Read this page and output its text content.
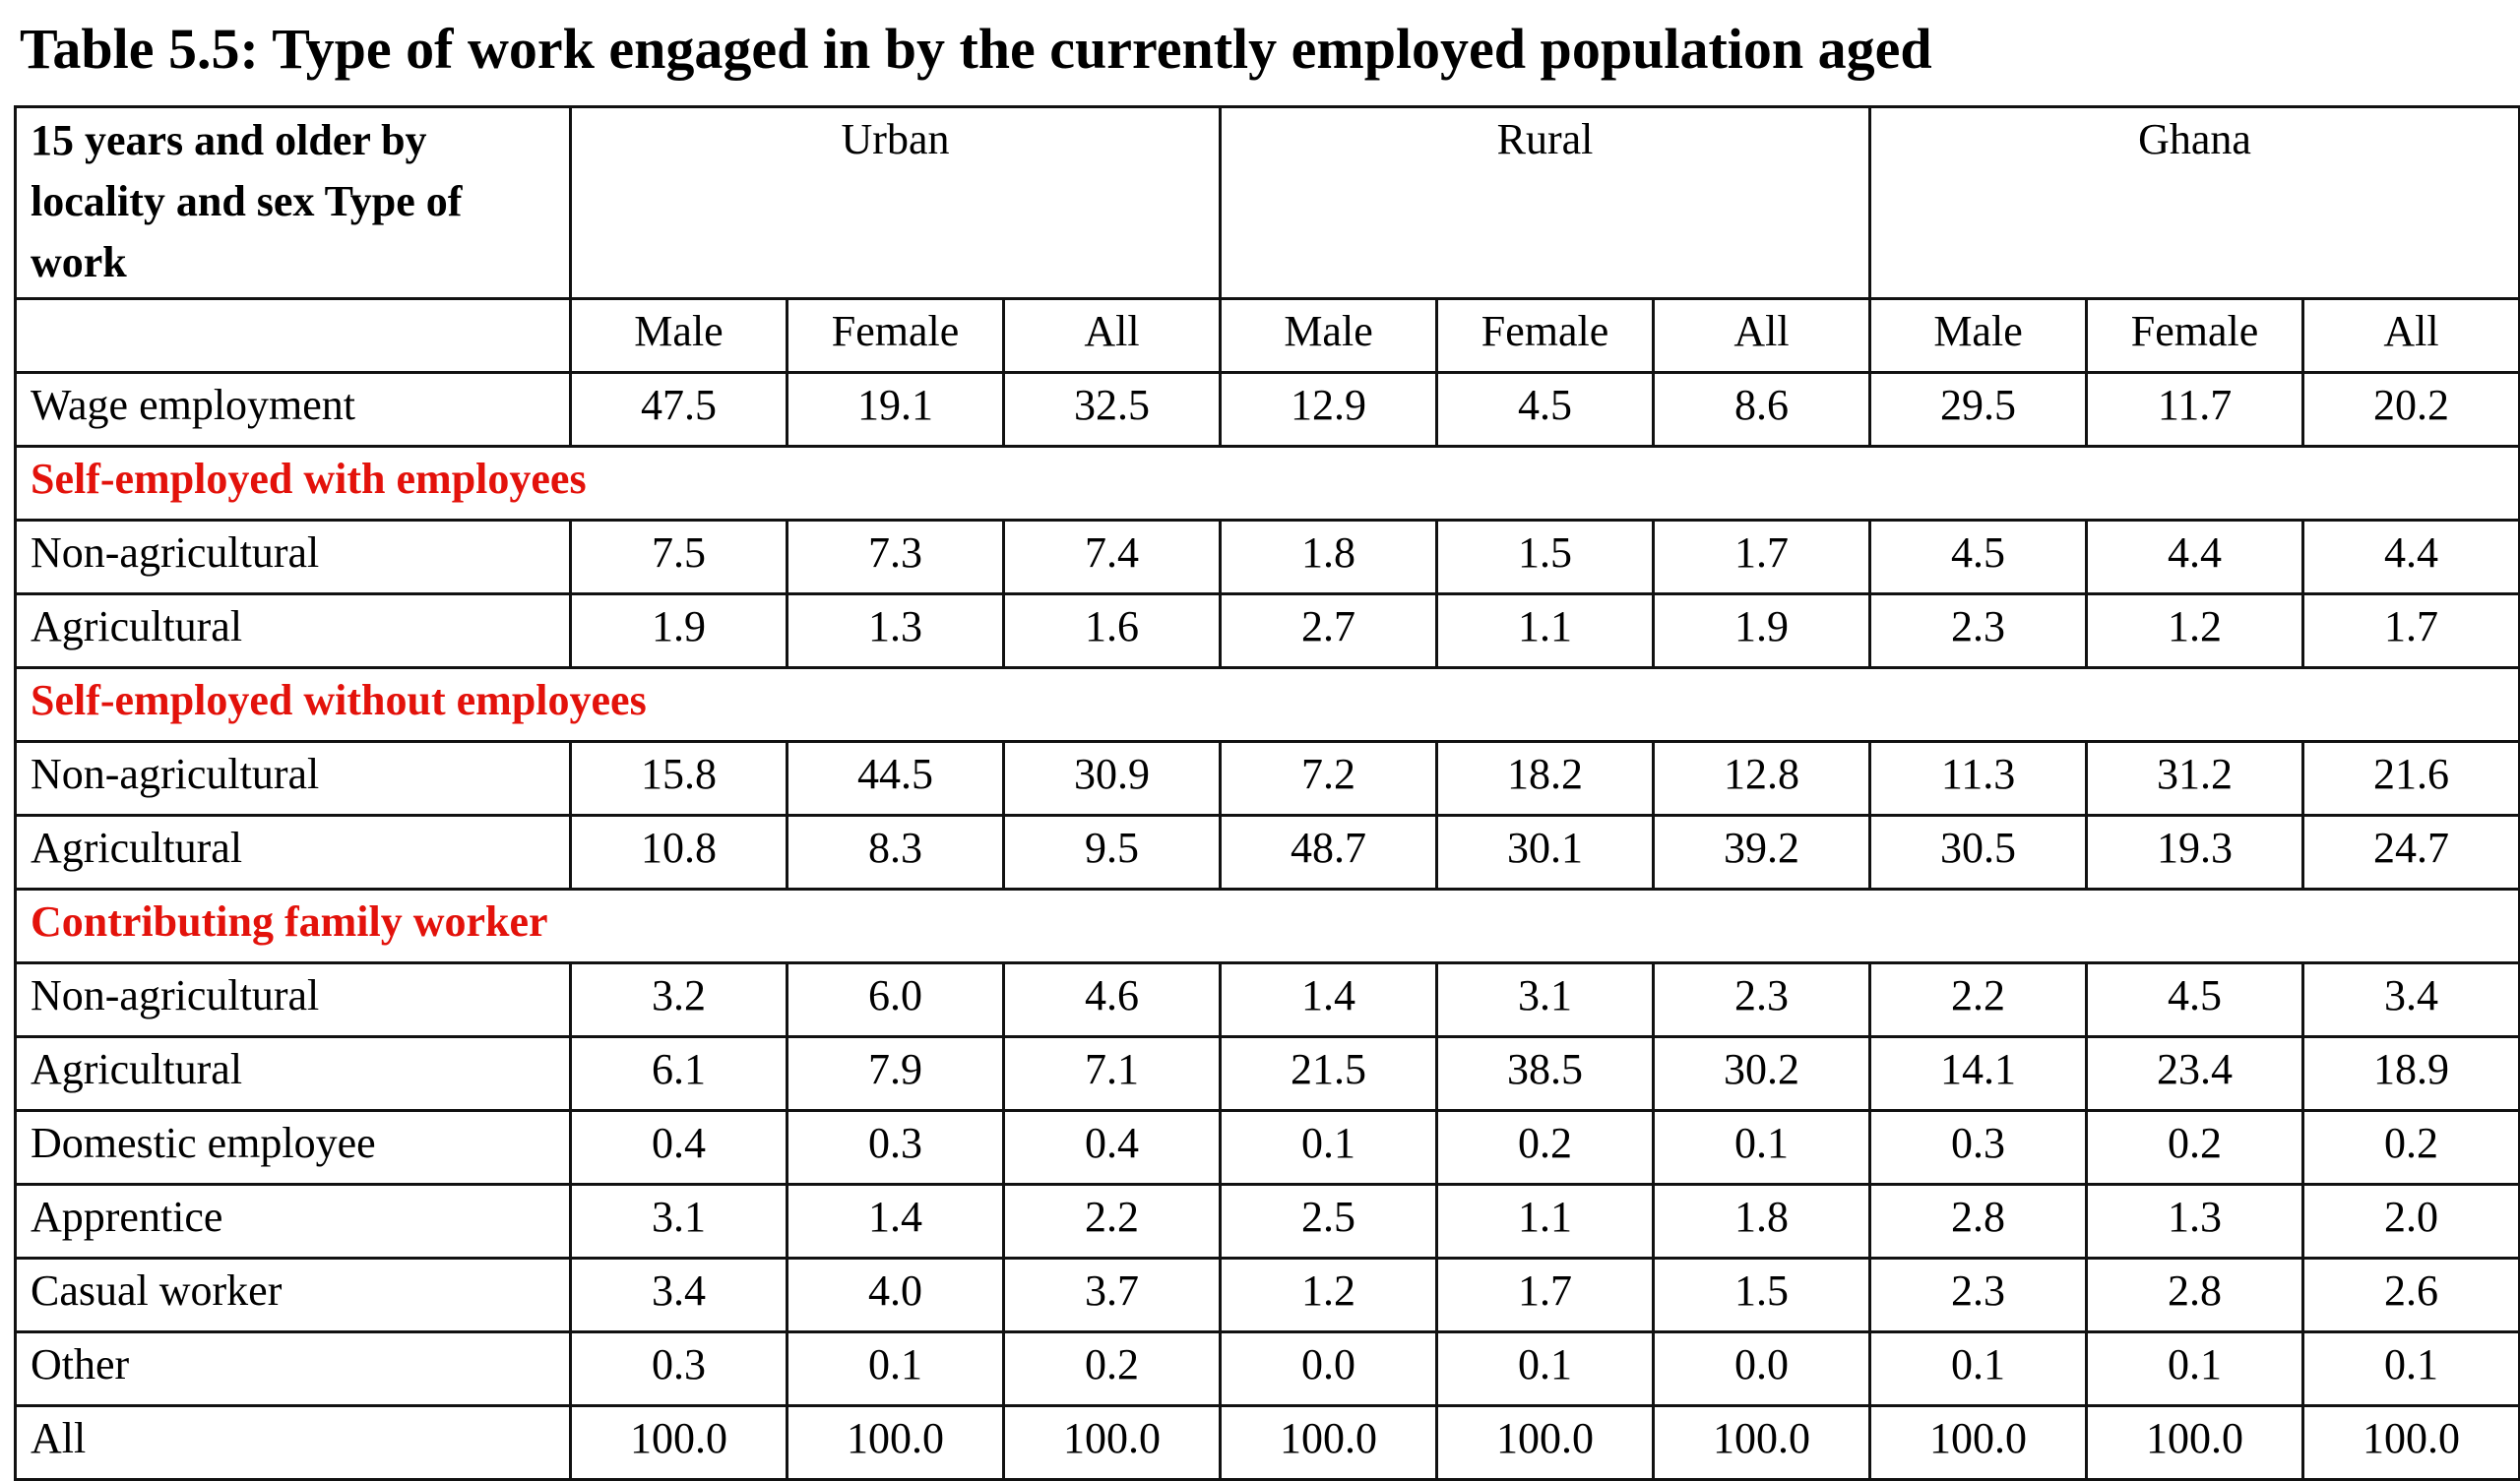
Table 5.5: Type of work engaged in by the currently employed population aged
15 years and older by locality and sex Type of work	Urban			Rural			Ghana		
	Male	Female	All	Male	Female	All	Male	Female	All
Wage employment	47.5	19.1	32.5	12.9	4.5	8.6	29.5	11.7	20.2
Self-employed with employees									
Non-agricultural	7.5	7.3	7.4	1.8	1.5	1.7	4.5	4.4	4.4
Agricultural	1.9	1.3	1.6	2.7	1.1	1.9	2.3	1.2	1.7
Self-employed without employees									
Non-agricultural	15.8	44.5	30.9	7.2	18.2	12.8	11.3	31.2	21.6
Agricultural	10.8	8.3	9.5	48.7	30.1	39.2	30.5	19.3	24.7
Contributing family worker									
Non-agricultural	3.2	6.0	4.6	1.4	3.1	2.3	2.2	4.5	3.4
Agricultural	6.1	7.9	7.1	21.5	38.5	30.2	14.1	23.4	18.9
Domestic employee	0.4	0.3	0.4	0.1	0.2	0.1	0.3	0.2	0.2
Apprentice	3.1	1.4	2.2	2.5	1.1	1.8	2.8	1.3	2.0
Casual worker	3.4	4.0	3.7	1.2	1.7	1.5	2.3	2.8	2.6
Other	0.3	0.1	0.2	0.0	0.1	0.0	0.1	0.1	0.1
All	100.0	100.0	100.0	100.0	100.0	100.0	100.0	100.0	100.0
